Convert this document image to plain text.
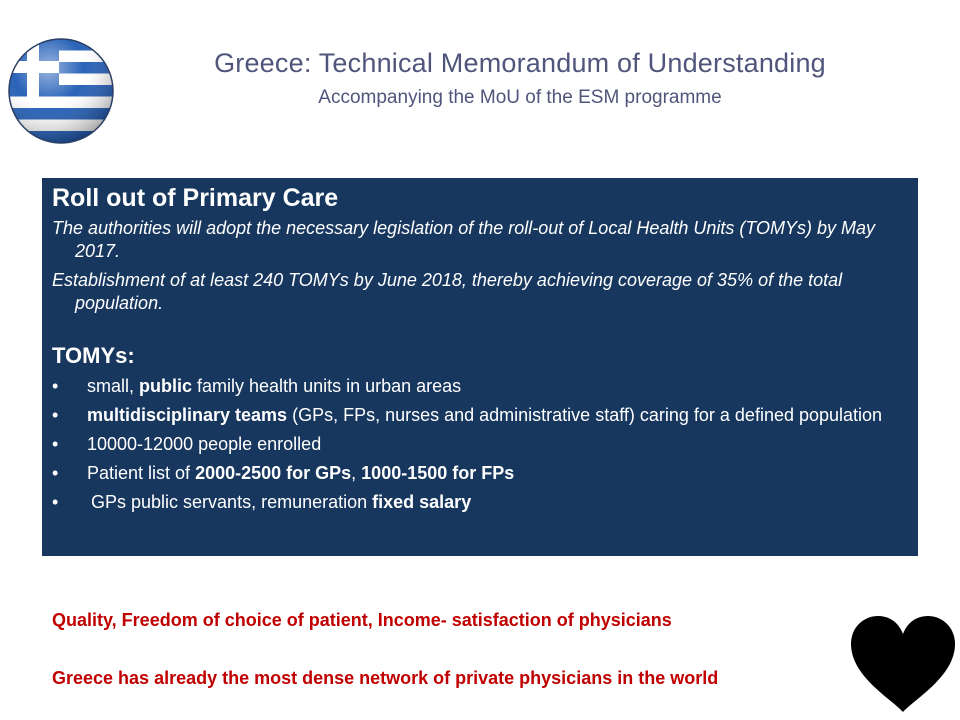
Greece: Technical Memorandum of Understanding
Accompanying the MoU of the ESM programme
Roll out of Primary Care

The authorities will adopt the necessary legislation of the roll-out of Local Health Units (TOMYs) by May 2017.

Establishment of at least 240 TOMYs by June 2018, thereby achieving coverage of 35% of the total population.

TOMYs:
• small, public family health units in urban areas
• multidisciplinary teams (GPs, FPs, nurses and administrative staff) caring for a defined population
• 10000-12000 people enrolled
• Patient list of 2000-2500 for GPs, 1000-1500 for FPs
• GPs public servants, remuneration fixed salary
Quality, Freedom of choice of patient, Income- satisfaction of physicians
Greece has already the most dense network of private physicians in the world
